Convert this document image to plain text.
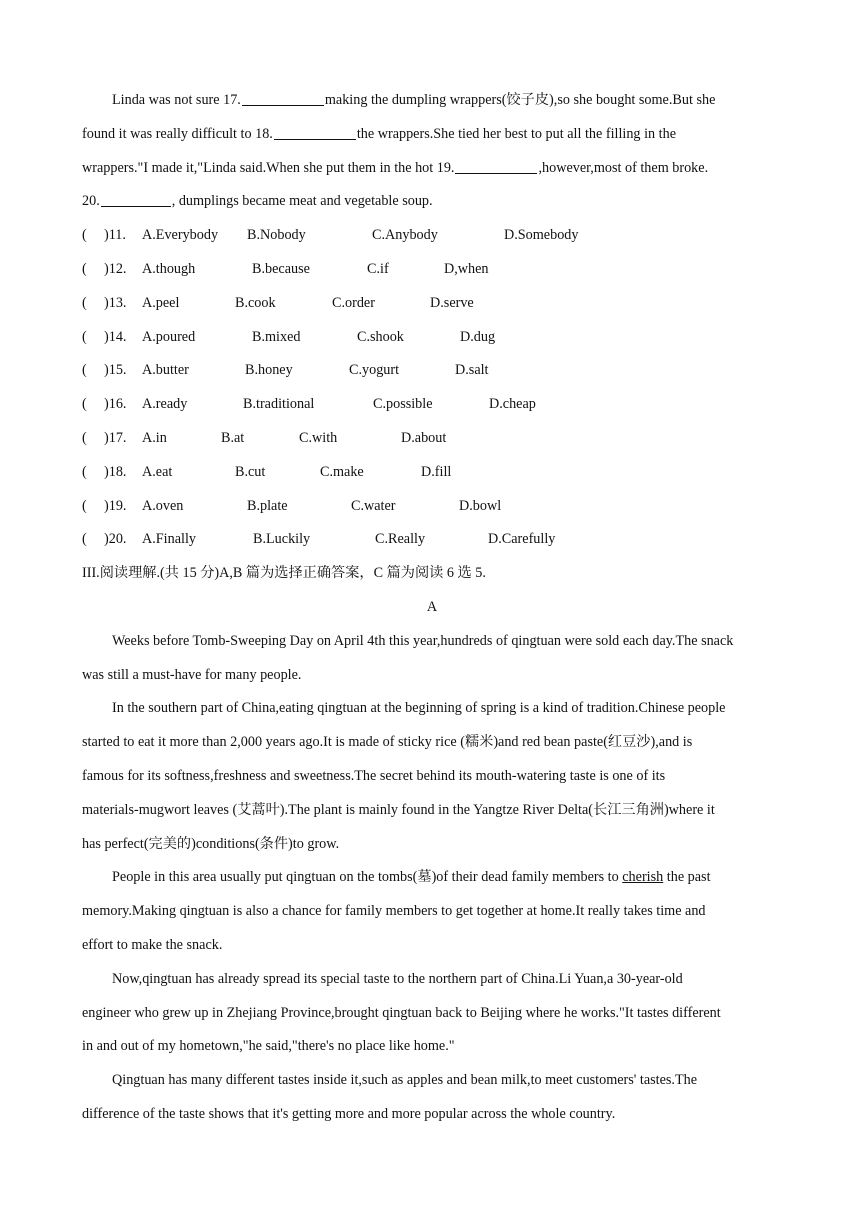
Linda was not sure 17.	making the dumpling wrappers(饺子皮),so she bought some.But she
found it was really difficult to 18.	the wrappers.She tied her best to put all the filling in the
wrappers."I made it,"Linda said.When she put them in the hot 19.	,however,most of them broke.
20.	, dumplings became meat and vegetable soup.
( )11. A.Everybody B.Nobody	C.Anybody	D.Somebody
( )12. A.though	B.because	C.if	D,when
( )13. A.peel	B.cook	C.order	D.serve
( )14. A.poured	B.mixed	C.shook	D.dug
( )15. A.butter	B.honey	C.yogurt	D.salt
( )16. A.ready	B.traditional	C.possible	D.cheap
( )17. A.in	B.at	C.with	D.about
( )18. A.eat	B.cut	C.make	D.fill
( )19. A.oven	B.plate	C.water	D.bowl
( )20. A.Finally	B.Luckily	C.Really	D.Carefully
III.阅读理解.(共 15 分)A,B 篇为选择正确答案，C 篇为阅读 6 选 5.
A
Weeks before Tomb-Sweeping Day on April 4th this year,hundreds of qingtuan were sold each day.The snack
was still a must-have for many people.
In the southern part of China,eating qingtuan at the beginning of spring is a kind of tradition.Chinese people
started to eat it more than 2,000 years ago.It is made of sticky rice (糯米)and red bean paste(红豆沙),and is
famous for its softness,freshness and sweetness.The secret behind its mouth-watering taste is one of its
materials-mugwort leaves (艾蒿叶).The plant is mainly found in the Yangtze River Delta(长江三角洲)where it
has perfect(完美的)conditions(条件)to grow.
People in this area usually put qingtuan on the tombs(墓)of their dead family members to cherish the past
memory.Making qingtuan is also a chance for family members to get together at home.It really takes time and
effort to make the snack.
Now,qingtuan has already spread its special taste to the northern part of China.Li Yuan,a 30-year-old
engineer who grew up in Zhejiang Province,brought qingtuan back to Beijing where he works."It tastes different
in and out of my hometown,"he said,"there's no place like home."
Qingtuan has many different tastes inside it,such as apples and bean milk,to meet customers' tastes.The
difference of the taste shows that it's getting more and more popular across the whole country.
